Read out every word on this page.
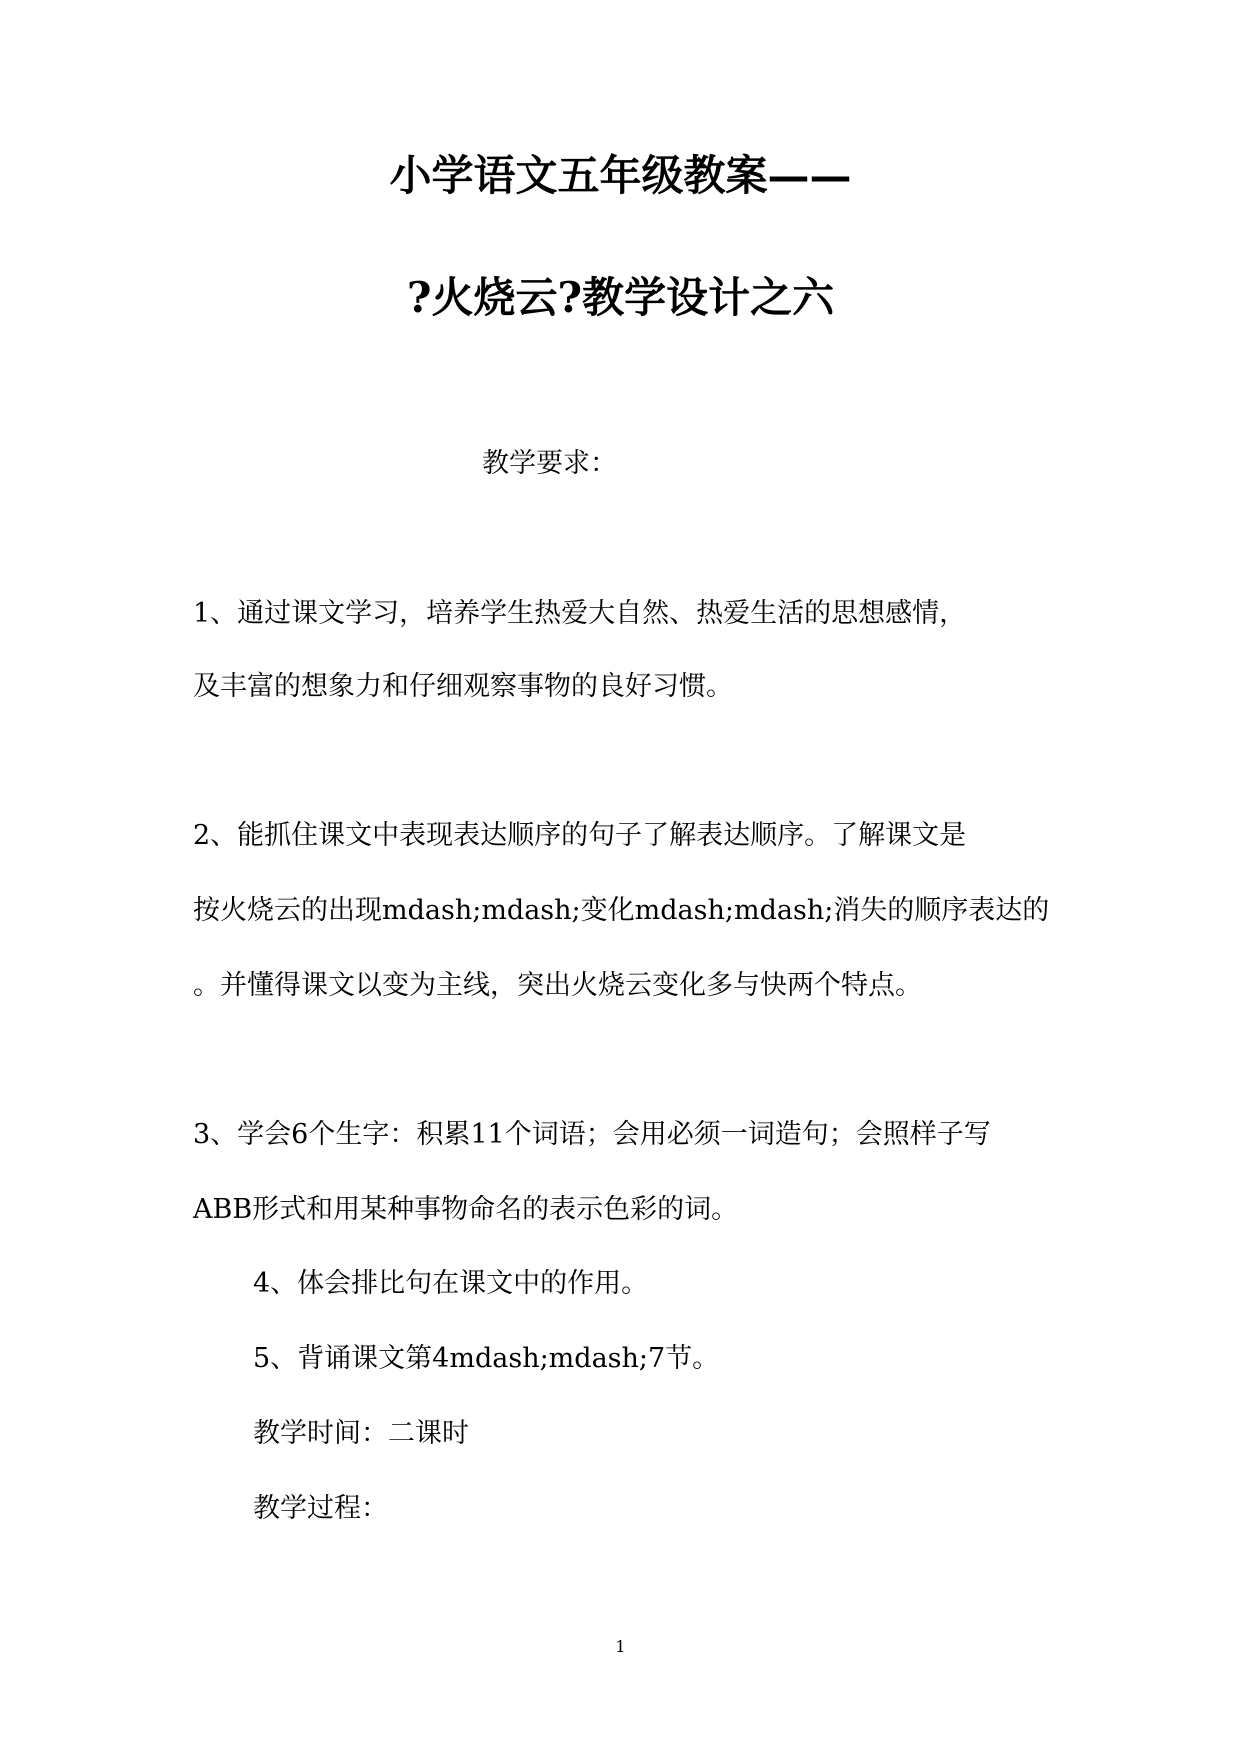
小学语文五年级教案——
?火烧云?教学设计之六
教学要求：
1、通过课文学习，培养学生热爱大自然、热爱生活的思想感情，
及丰富的想象力和仔细观察事物的良好习惯。
2、能抓住课文中表现表达顺序的句子了解表达顺序。了解课文是
按火烧云的出现mdash;mdash;变化mdash;mdash;消失的顺序表达的
。并懂得课文以变为主线，突出火烧云变化多与快两个特点。
3、学会6个生字：积累11个词语；会用必须一词造句；会照样子写
ABB形式和用某种事物命名的表示色彩的词。
4、体会排比句在课文中的作用。
5、背诵课文第4mdash;mdash;7节。
教学时间：二课时
教学过程：
1
